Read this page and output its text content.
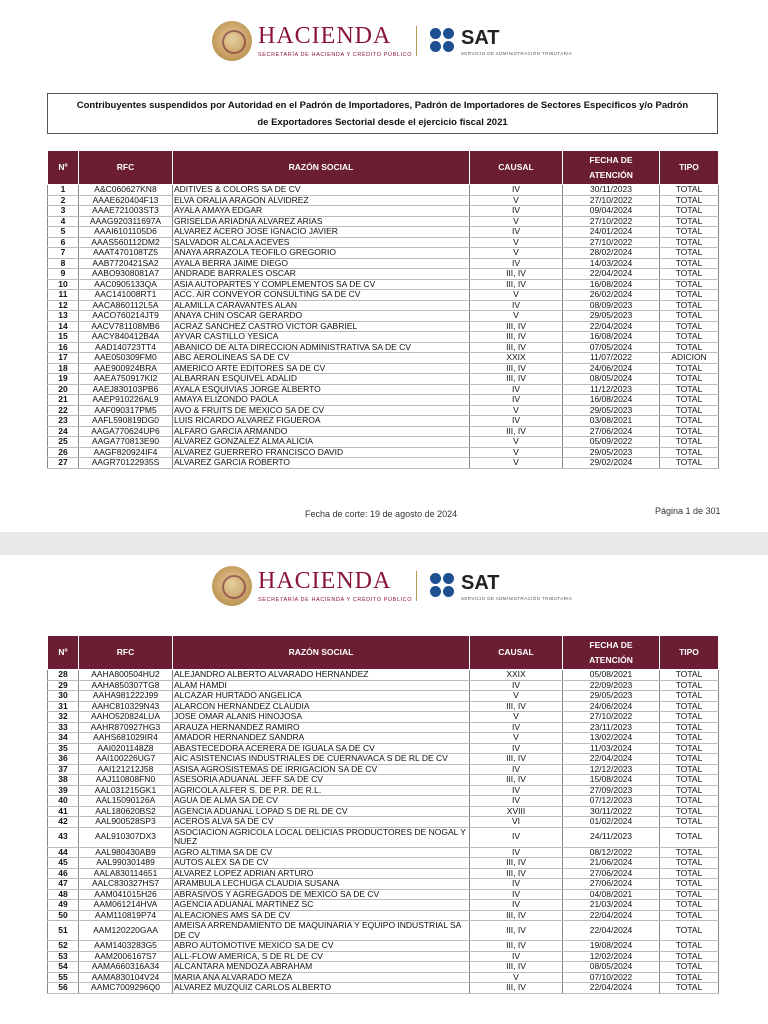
HACIENDA
SECRETARÍA DE HACIENDA Y CRÉDITO PÚBLICO
SAT
SERVICIO DE ADMINISTRACIÓN TRIBUTARIA
Contribuyentes suspendidos por Autoridad en el Padrón de Importadores, Padrón de Importadores de Sectores Específicos y/o Padrón
de Exportadores Sectorial desde el ejercicio fiscal 2021
Nº	RFC	RAZÓN SOCIAL	CAUSAL	FECHA DE
ATENCIÓN	TIPO
1	A&C060627KN8	ADITIVES & COLORS SA DE CV	IV	30/11/2023	TOTAL
2	AAAE620404F13	ELVA ORALIA ARAGON ALVIDREZ	V	27/10/2022	TOTAL
3	AAAE721003ST3	AYALA AMAYA EDGAR	IV	09/04/2024	TOTAL
4	AAAG920311697A	GRISELDA ARIADNA ALVAREZ ARIAS	V	27/10/2022	TOTAL
5	AAAI6101105D6	ALVAREZ ACERO JOSE IGNACIO JAVIER	IV	24/01/2024	TOTAL
6	AAAS560112DM2	SALVADOR ALCALA ACEVES	V	27/10/2022	TOTAL
7	AAAT470108TZ5	ANAYA ARRAZOLA TEOFILO GREGORIO	V	28/02/2024	TOTAL
8	AAB7720421SA2	AYALA BERRA JAIME DIEGO	IV	14/03/2024	TOTAL
9	AABO9308081A7	ANDRADE BARRALES OSCAR	III, IV	22/04/2024	TOTAL
10	AAC0905133QA	ASIA AUTOPARTES Y COMPLEMENTOS SA DE CV	III, IV	16/08/2024	TOTAL
11	AAC141008RT1	ACC. AIR CONVEYOR CONSULTING SA DE CV	V	26/02/2024	TOTAL
12	AACA860112L5A	ALAMILLA CARAVANTES ALAN	IV	08/09/2023	TOTAL
13	AACO760214JT9	ANAYA CHIN OSCAR GERARDO	V	29/05/2023	TOTAL
14	AACV781108MB6	ACRAZ SANCHEZ CASTRO VICTOR GABRIEL	III, IV	22/04/2024	TOTAL
15	AACY840412B4A	AYVAR CASTILLO YESICA	III, IV	16/08/2024	TOTAL
16	AAD140723TT4	ABANICO DE ALTA DIRECCION ADMINISTRATIVA SA DE CV	III, IV	07/05/2024	TOTAL
17	AAE050309FM0	ABC AEROLINEAS SA DE CV	XXIX	11/07/2022	ADICION
18	AAE900924BRA	AMERICO ARTE EDITORES SA DE CV	III, IV	24/06/2024	TOTAL
19	AAEA750917KI2	ALBARRAN ESQUIVEL ADALID	III, IV	08/05/2024	TOTAL
20	AAEJ830103PB6	AYALA ESQUIVIAS JORGE ALBERTO	IV	11/12/2023	TOTAL
21	AAEP910226AL9	AMAYA ELIZONDO PAOLA	IV	16/08/2024	TOTAL
22	AAF090317PM5	AVO & FRUITS DE MEXICO SA DE CV	V	29/05/2023	TOTAL
23	AAFL590819DG0	LUIS RICARDO ALVAREZ FIGUEROA	IV	03/08/2021	TOTAL
24	AAGA770624UP6	ALFARO GARCIA ARMANDO	III, IV	27/06/2024	TOTAL
25	AAGA770813E90	ALVAREZ GONZALEZ ALMA ALICIA	V	05/09/2022	TOTAL
26	AAGF820924IF4	ALVAREZ GUERRERO FRANCISCO DAVID	V	29/05/2023	TOTAL
27	AAGR70122935S	ALVAREZ GARCIA ROBERTO	V	29/02/2024	TOTAL
Fecha de corte: 19 de agosto de 2024	Página 1 de 301
HACIENDA
SECRETARÍA DE HACIENDA Y CRÉDITO PÚBLICO
SAT
SERVICIO DE ADMINISTRACIÓN TRIBUTARIA
Nº	RFC	RAZÓN SOCIAL	CAUSAL	FECHA DE
ATENCIÓN	TIPO
28	AAHA800504HU2	ALEJANDRO ALBERTO ALVARADO HERNANDEZ	XXIX	05/08/2021	TOTAL
29	AAHA850307TG8	ALAM HAMDI	IV	22/09/2023	TOTAL
30	AAHA981222J99	ALCAZAR HURTADO ANGELICA	V	29/05/2023	TOTAL
31	AAHC810329N43	ALARCON HERNANDEZ CLAUDIA	III, IV	24/06/2024	TOTAL
32	AAHO520824LUA	JOSE OMAR ALANIS HINOJOSA	V	27/10/2022	TOTAL
33	AAHR870927HG3	ARAUZA HERNANDEZ RAMIRO	IV	23/11/2023	TOTAL
34	AAHS681029IR4	AMADOR HERNANDEZ SANDRA	V	13/02/2024	TOTAL
35	AAI0201148Z8	ABASTECEDORA ACERERA DE IGUALA SA DE CV	IV	11/03/2024	TOTAL
36	AAI100226UG7	AIC ASISTENCIAS INDUSTRIALES DE CUERNAVACA S DE RL DE CV	III, IV	22/04/2024	TOTAL
37	AAI121212J58	ASISA AGROSISTEMAS DE IRRIGACION SA DE CV	IV	12/12/2023	TOTAL
38	AAJ110808FN0	ASESORIA ADUANAL JEFF SA DE CV	III, IV	15/08/2024	TOTAL
39	AAL031215GK1	AGRICOLA ALFER S. DE P.R. DE R.L.	IV	27/09/2023	TOTAL
40	AAL15090126A	AGUA DE ALMA SA DE CV	IV	07/12/2023	TOTAL
41	AAL180620BS2	AGENCIA ADUANAL LOPAD S DE RL DE CV	XVIII	30/11/2022	TOTAL
42	AAL900528SP3	ACEROS ALVA SA DE CV	VI	01/02/2024	TOTAL
43	AAL910307DX3	ASOCIACION AGRICOLA LOCAL DELICIAS PRODUCTORES DE NOGAL Y NUEZ	IV	24/11/2023	TOTAL
44	AAL980430AB9	AGRO ALTIMA SA DE CV	IV	08/12/2022	TOTAL
45	AAL990301489	AUTOS ALEX SA DE CV	III, IV	21/06/2024	TOTAL
46	AALA830114651	ALVAREZ LOPEZ ADRIAN ARTURO	III, IV	27/06/2024	TOTAL
47	AALC830327HS7	ARAMBULA LECHUGA CLAUDIA SUSANA	IV	27/06/2024	TOTAL
48	AAM041015H26	ABRASIVOS Y AGREGADOS DE MEXICO SA DE CV	IV	04/08/2021	TOTAL
49	AAM061214HVA	AGENCIA ADUANAL MARTINEZ SC	IV	21/03/2024	TOTAL
50	AAM110819P74	ALEACIONES AMS SA DE CV	III, IV	22/04/2024	TOTAL
51	AAM120220GAA	AMEISA ARRENDAMIENTO DE MAQUINARIA Y EQUIPO INDUSTRIAL SA DE CV	III, IV	22/04/2024	TOTAL
52	AAM1403283G5	ABRO AUTOMOTIVE MEXICO SA DE CV	III, IV	19/08/2024	TOTAL
53	AAM2006167S7	ALL-FLOW AMERICA, S DE RL DE CV	IV	12/02/2024	TOTAL
54	AAMA660316A34	ALCANTARA MENDOZA ABRAHAM	III, IV	08/05/2024	TOTAL
55	AAMA830104V24	MARIA ANA ALVARADO MEZA	V	07/10/2022	TOTAL
56	AAMC7009296Q0	ALVAREZ MUZQUIZ CARLOS ALBERTO	III, IV	22/04/2024	TOTAL
